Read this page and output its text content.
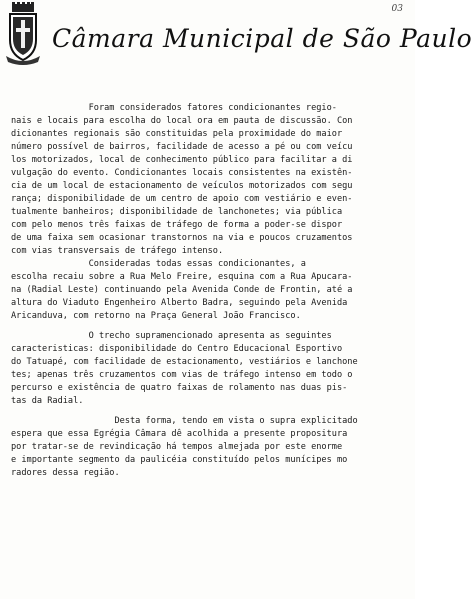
03
Câmara Municipal de São Paulo
Foram considerados fatores condicionantes regio-
nais e locais para escolha do local ora em pauta de discussão. Con
dicionantes regionais são constituidas pela proximidade do maior
número possível de bairros, facilidade de acesso a pé ou com veícu
los motorizados, local de conhecimento público para facilitar a di
vulgação do evento. Condicionantes locais consistentes na existên-
cia de um local de estacionamento de veículos motorizados com segu
rança; disponibilidade de um centro de apoio com vestiário e even-
tualmente banheiros; disponibilidade de lanchonetes; via pública
com pelo menos três faixas de tráfego de forma a poder-se dispor
de uma faixa sem ocasionar transtornos na via e poucos cruzamentos
com vias transversais de tráfego intenso.
Consideradas todas essas condicionantes, a
escolha recaiu sobre a Rua Melo Freire, esquina com a Rua Apucara-
na (Radial Leste) continuando pela Avenida Conde de Frontin, até a
altura do Viaduto Engenheiro Alberto Badra, seguindo pela Avenida
Aricanduva, com retorno na Praça General João Francisco.
O trecho supramencionado apresenta as seguintes
caracteristicas: disponibilidade do Centro Educacional Esportivo
do Tatuapé, com facilidade de estacionamento, vestiários e lanchone
tes; apenas três cruzamentos com vias de tráfego intenso em todo o
percurso e existência de quatro faixas de rolamento nas duas pis-
tas da Radial.
Desta forma, tendo em vista o supra explicitado
espera que essa Egrégia Câmara dê acolhida a presente propositura
por tratar-se de revindicação há tempos almejada por este enorme
e importante segmento da paulicéia constituído pelos munícipes mo
radores dessa região.
